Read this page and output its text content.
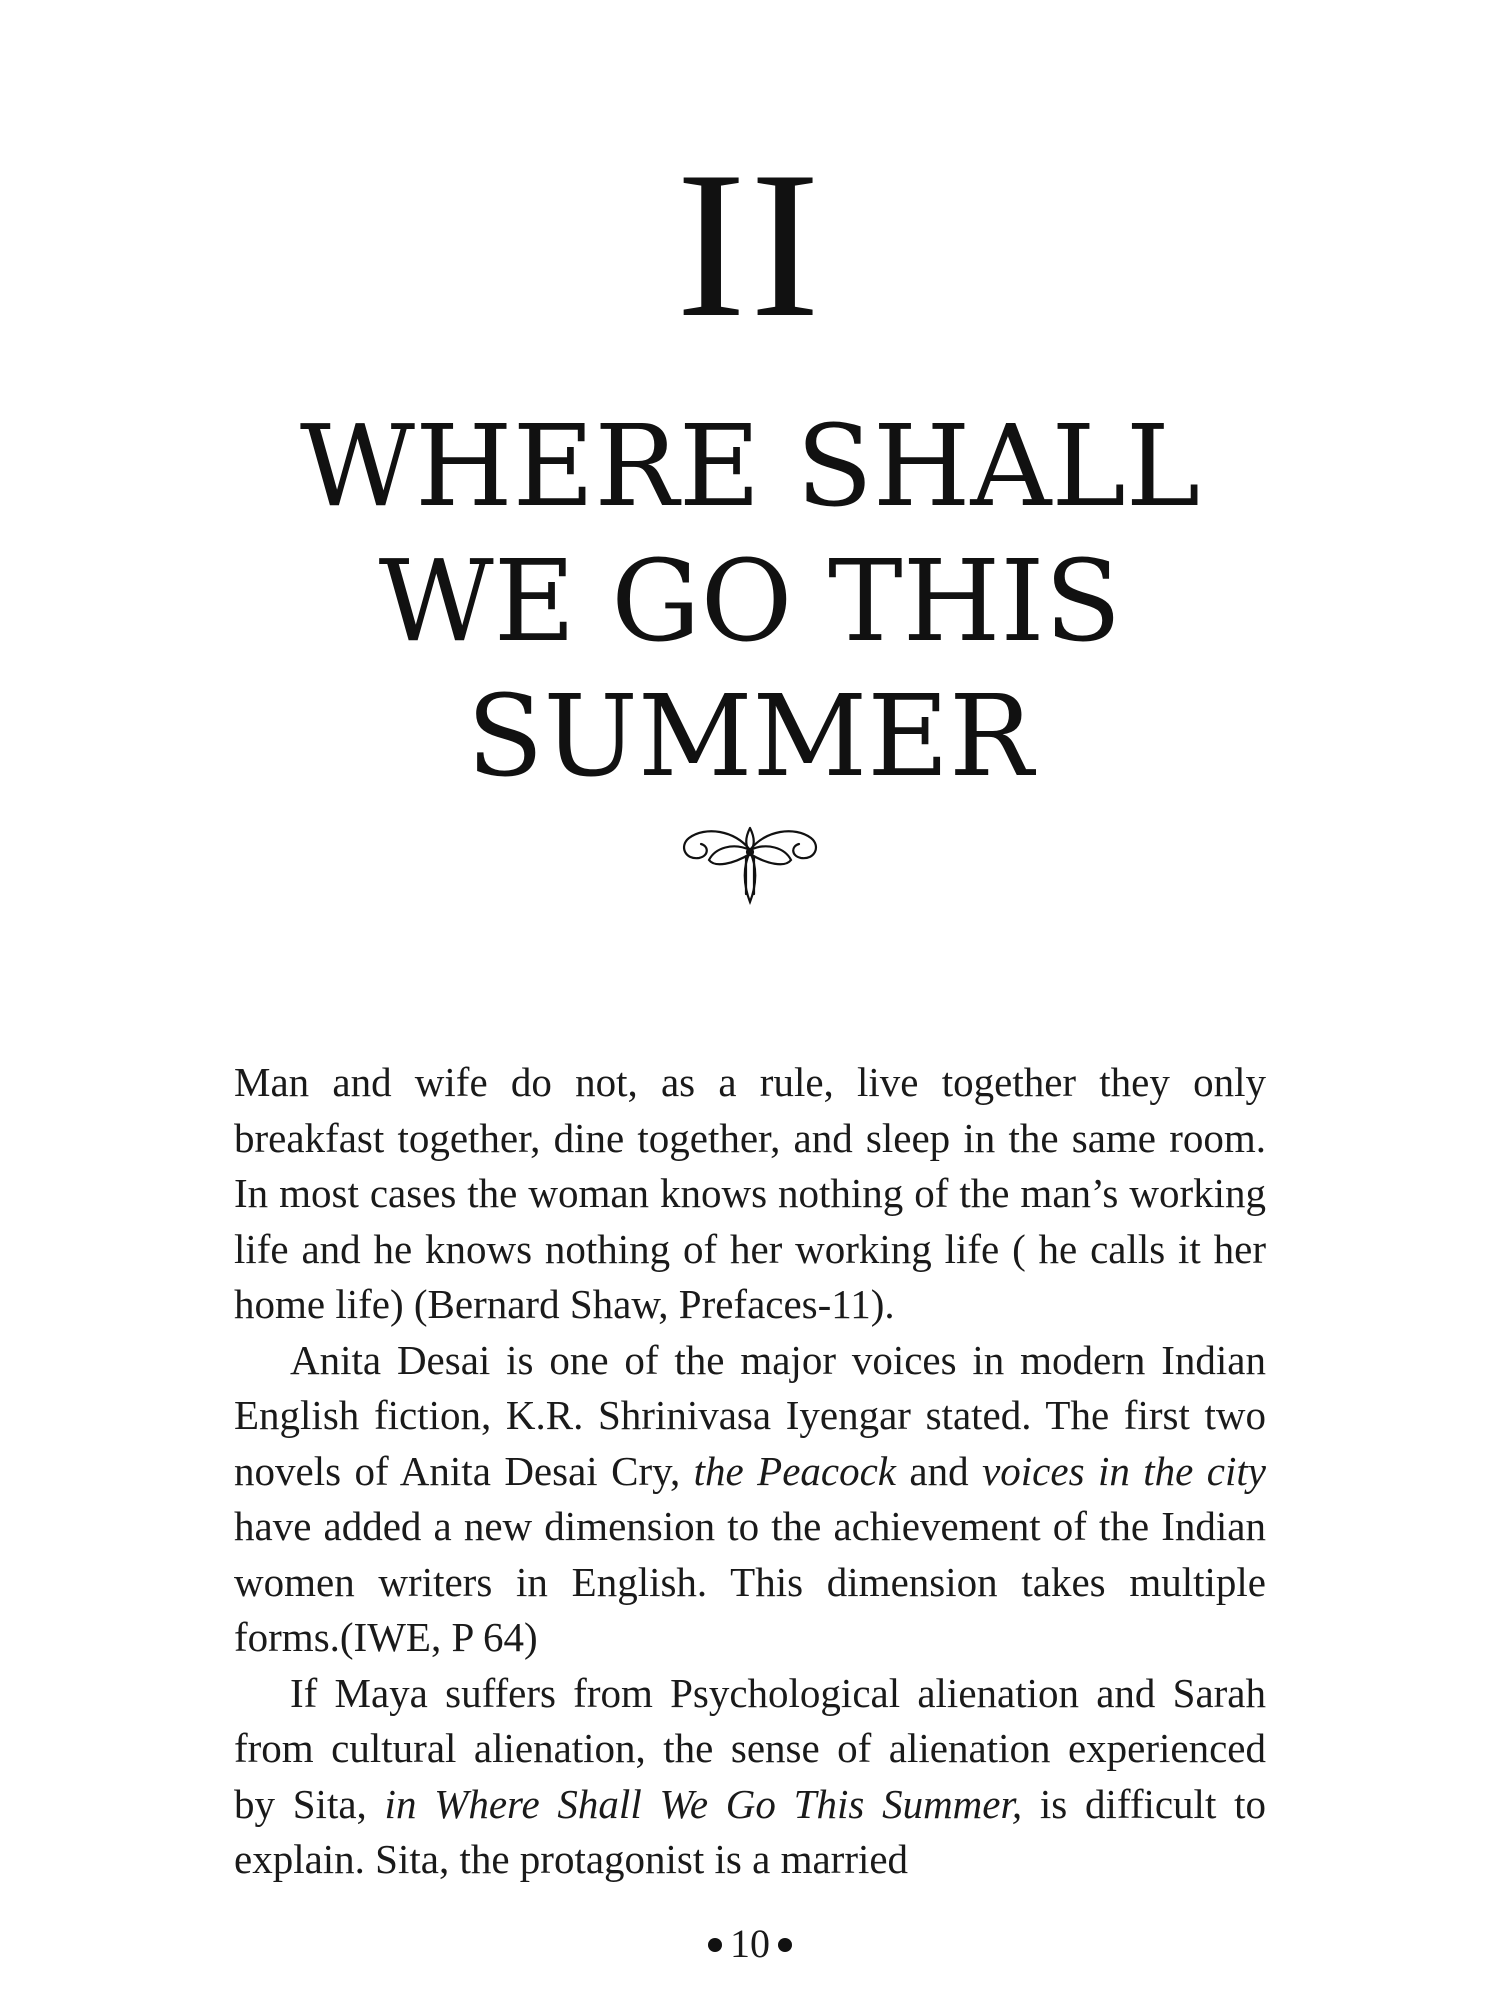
II
WHERE SHALL
WE GO THIS
SUMMER

Man and wife do not, as a rule, live together they only breakfast together, dine together, and sleep in the same room. In most cases the woman knows nothing of the man’s working life and he knows nothing of her working life ( he calls it her home life) (Bernard Shaw, Prefaces-11).

Anita Desai is one of the major voices in modern Indian English fiction, K.R. Shrinivasa Iyengar stated. The first two novels of Anita Desai Cry, the Peacock and voices in the city have added a new dimension to the achievement of the Indian women writers in English. This dimension takes multiple forms.(IWE, P 64)

If Maya suffers from Psychological alienation and Sarah from cultural alienation, the sense of alienation experienced by Sita, in Where Shall We Go This Summer, is difficult to explain. Sita, the protagonist is a married

10
